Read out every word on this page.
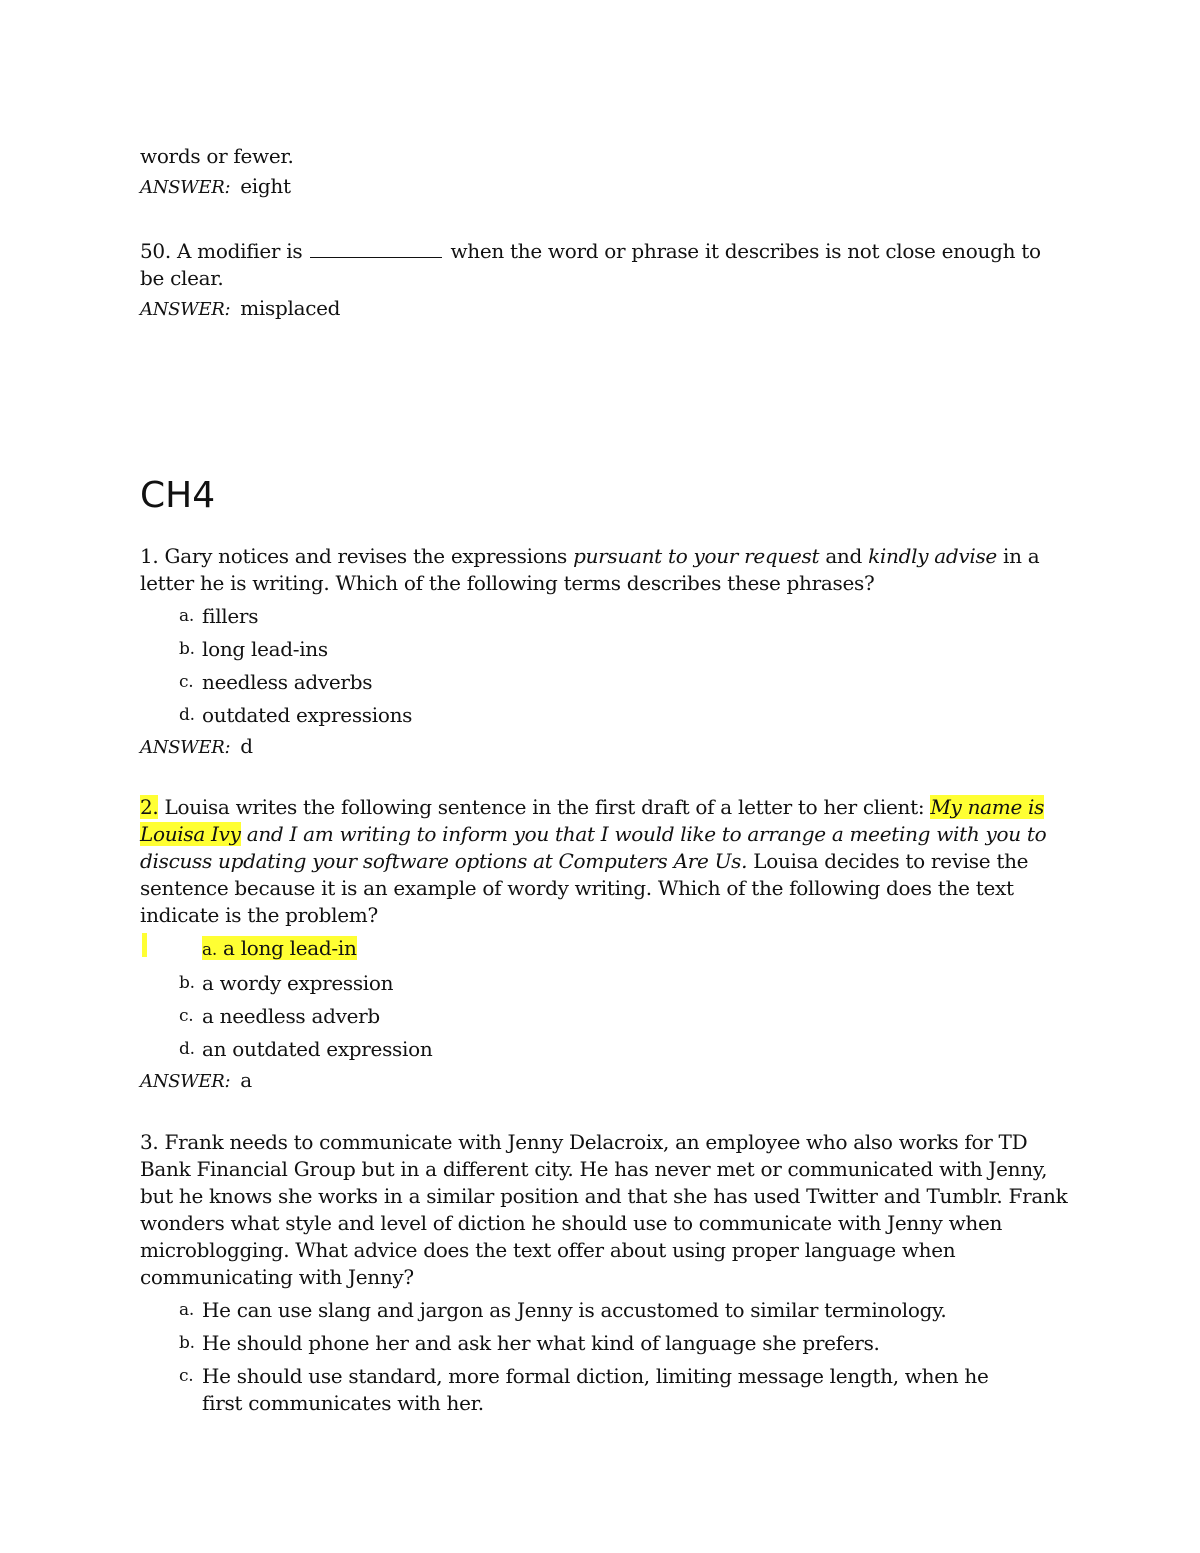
words or fewer.
ANSWER: eight
50. A modifier is	when the word or phrase it describes is not close enough to be clear.
ANSWER: misplaced
CH4
1. Gary notices and revises the expressions pursuant to your request and kindly advise in a letter he is writing. Which of the following terms describes these phrases?
a. fillers
b. long lead-ins
c. needless adverbs
d. outdated expressions
ANSWER: d
2. Louisa writes the following sentence in the first draft of a letter to her client: My name is Louisa Ivy and I am writing to inform you that I would like to arrange a meeting with you to discuss updating your software options at Computers Are Us. Louisa decides to revise the sentence because it is an example of wordy writing. Which of the following does the text indicate is the problem?
a. a long lead-in
b. a wordy expression
c. a needless adverb
d. an outdated expression
ANSWER: a
3. Frank needs to communicate with Jenny Delacroix, an employee who also works for TD Bank Financial Group but in a different city. He has never met or communicated with Jenny, but he knows she works in a similar position and that she has used Twitter and Tumblr. Frank wonders what style and level of diction he should use to communicate with Jenny when microblogging. What advice does the text offer about using proper language when communicating with Jenny?
a. He can use slang and jargon as Jenny is accustomed to similar terminology.
b. He should phone her and ask her what kind of language she prefers.
c. He should use standard, more formal diction, limiting message length, when he first communicates with her.
